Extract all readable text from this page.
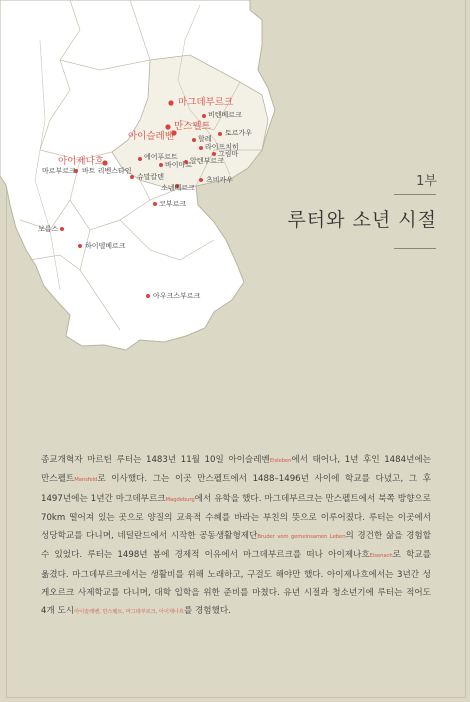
마그데부르크
비텐베르크
만스펠트
아이슬레벤	토르가우
할레
라이프치히
그림마
에어푸르트
바이마르
알텐부르크
아이제나흐
마르부르크 바트 리벤스타인
슈말칼덴	츠비카우
소넨베르크
코부르크
보름스
하이델베르크
아우크스부르크
1부
루터와 소년 시절
종교개혁자 마르틴 루터는 1483년 11월 10일 아이슬레벤Eisleben에서 태어나, 1년 후인 1484년에는 만스펠트Mansfeld로 이사했다. 그는 이곳 만스펠트에서 1488–1496년 사이에 학교를 다녔고, 그 후 1497년에는 1년간 마그데부르크Magdeburg에서 유학을 했다. 마그데부르크는 만스펠트에서 북쪽 방향으로 70km 떨어져 있는 곳으로 양질의 교육적 수혜를 바라는 부친의 뜻으로 이루어졌다. 루터는 이곳에서 성당학교를 다니며, 네덜란드에서 시작한 공동생활형제단Bruder vom gemeinsamen Leben의 경건한 삶을 경험할 수 있었다. 루터는 1498년 봄에 경제적 이유에서 마그데부르크를 떠나 아이제나흐Eisenach로 학교를 옮겼다. 마그데부르크에서는 생활비를 위해 노래하고, 구걸도 해야만 했다. 아이제나흐에서는 3년간 성 게오르크 사제학교를 다니며, 대학 입학을 위한 준비를 마쳤다. 유년 시절과 청소년기에 루터는 적어도 4개 도시아이슬레벤, 만스펠트, 마그데부르크, 아이제나흐를 경험했다.
